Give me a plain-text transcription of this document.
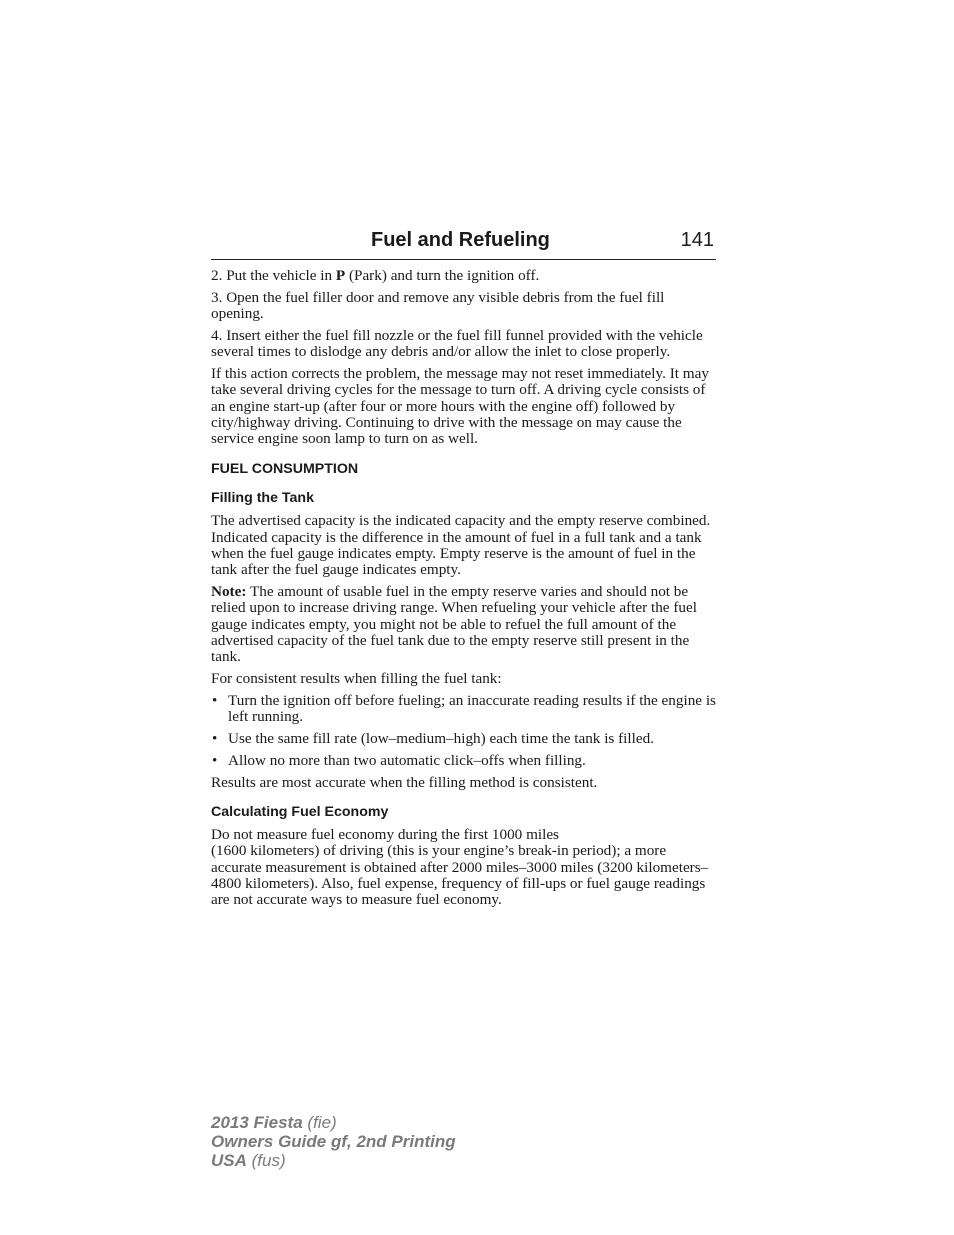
Fuel and Refueling	141

2. Put the vehicle in P (Park) and turn the ignition off.

3. Open the fuel filler door and remove any visible debris from the fuel fill opening.

4. Insert either the fuel fill nozzle or the fuel fill funnel provided with the vehicle several times to dislodge any debris and/or allow the inlet to close properly.

If this action corrects the problem, the message may not reset immediately. It may take several driving cycles for the message to turn off. A driving cycle consists of an engine start-up (after four or more hours with the engine off) followed by city/highway driving. Continuing to drive with the message on may cause the service engine soon lamp to turn on as well.

FUEL CONSUMPTION
Filling the Tank

The advertised capacity is the indicated capacity and the empty reserve combined. Indicated capacity is the difference in the amount of fuel in a full tank and a tank when the fuel gauge indicates empty. Empty reserve is the amount of fuel in the tank after the fuel gauge indicates empty.

Note: The amount of usable fuel in the empty reserve varies and should not be relied upon to increase driving range. When refueling your vehicle after the fuel gauge indicates empty, you might not be able to refuel the full amount of the advertised capacity of the fuel tank due to the empty reserve still present in the tank.

For consistent results when filling the fuel tank:

• Turn the ignition off before fueling; an inaccurate reading results if the engine is left running.
• Use the same fill rate (low–medium–high) each time the tank is filled.
• Allow no more than two automatic click–offs when filling.

Results are most accurate when the filling method is consistent.

Calculating Fuel Economy

Do not measure fuel economy during the first 1000 miles
(1600 kilometers) of driving (this is your engine’s break-in period); a more accurate measurement is obtained after 2000 miles–3000 miles (3200 kilometers–4800 kilometers). Also, fuel expense, frequency of fill-ups or fuel gauge readings are not accurate ways to measure fuel economy.

2013 Fiesta (fie)
Owners Guide gf, 2nd Printing
USA (fus)
